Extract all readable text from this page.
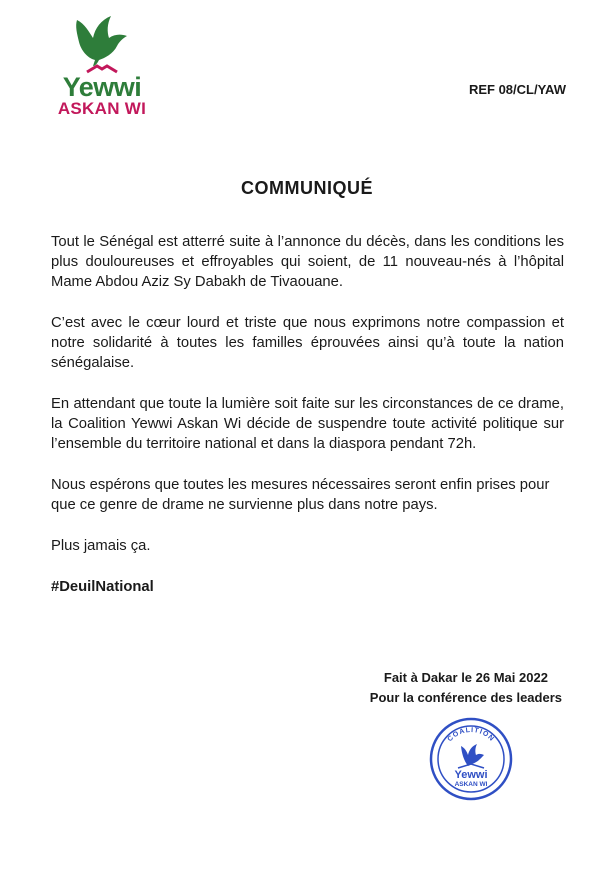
Yewwi
ASKAN WI
REF 08/CL/YAW
COMMUNIQUÉ

Tout le Sénégal est atterré suite à l’annonce du décès, dans les conditions les plus douloureuses et effroyables qui soient, de 11 nouveau-nés à l’hôpital Mame Abdou Aziz Sy Dabakh de Tivaouane.

C’est avec le cœur lourd et triste que nous exprimons notre compassion et notre solidarité à toutes les familles éprouvées ainsi qu’à toute la nation sénégalaise.

En attendant que toute la lumière soit faite sur les circonstances de ce drame, la Coalition Yewwi Askan Wi décide de suspendre toute activité politique sur l’ensemble du territoire national et dans la diaspora pendant 72h.

Nous espérons que toutes les mesures nécessaires seront enfin prises pour que ce genre de drame ne survienne plus dans notre pays.

Plus jamais ça.

#DeuilNational

Fait à Dakar le 26 Mai 2022
Pour la conférence des leaders
COALITION
Yewwi
ASKAN WI
